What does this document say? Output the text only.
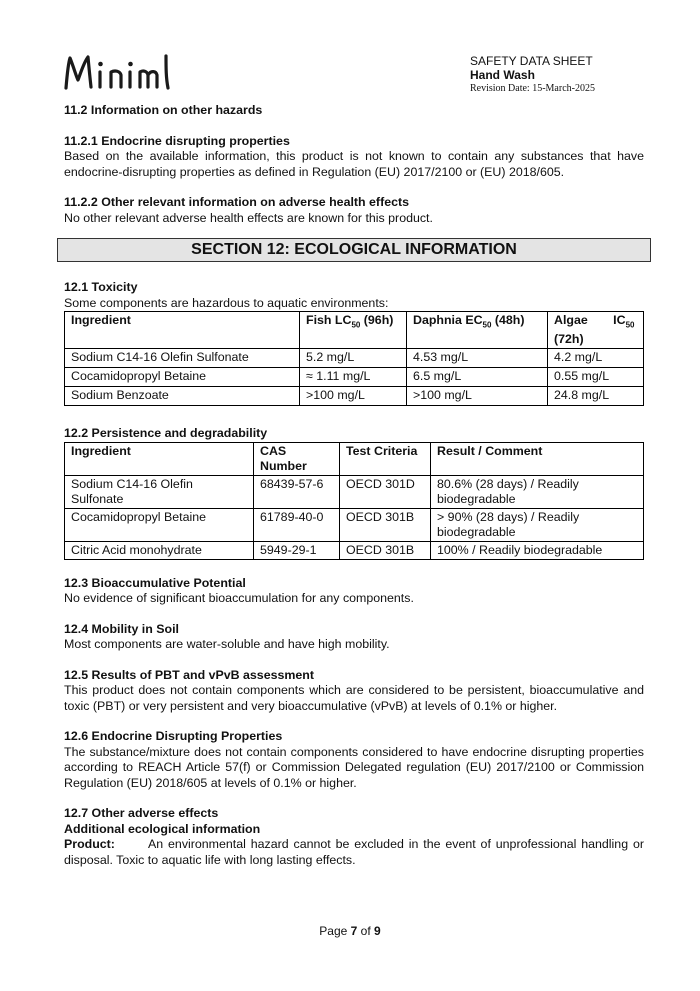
SAFETY DATA SHEET
Hand Wash
Revision Date: 15-March-2025
11.2 Information on other hazards
11.2.1 Endocrine disrupting properties
Based on the available information, this product is not known to contain any substances that have endocrine-disrupting properties as defined in Regulation (EU) 2017/2100 or (EU) 2018/605.
11.2.2 Other relevant information on adverse health effects
No other relevant adverse health effects are known for this product.
SECTION 12: ECOLOGICAL INFORMATION
12.1 Toxicity
Some components are hazardous to aquatic environments:
Ingredient	Fish $LC_{50}$ (96h)	Daphnia $EC_{50}$ (48h)	Algae $IC_{50}$
(72h)
Sodium C14-16 Olefin Sulfonate	5.2 mg/L	4.53 mg/L	4.2 mg/L
Cocamidopropyl Betaine	≈ 1.11 mg/L	6.5 mg/L	0.55 mg/L
Sodium Benzoate	>100 mg/L	>100 mg/L	24.8 mg/L
12.2 Persistence and degradability
Ingredient	CAS Number	Test Criteria	Result / Comment
Sodium C14-16 Olefin Sulfonate	68439-57-6	OECD 301D	80.6% (28 days) / Readily biodegradable
Cocamidopropyl Betaine	61789-40-0	OECD 301B	> 90% (28 days) / Readily biodegradable
Citric Acid monohydrate	5949-29-1	OECD 301B	100% / Readily biodegradable
12.3 Bioaccumulative Potential
No evidence of significant bioaccumulation for any components.
12.4 Mobility in Soil
Most components are water-soluble and have high mobility.
12.5 Results of PBT and vPvB assessment
This product does not contain components which are considered to be persistent, bioaccumulative and toxic (PBT) or very persistent and very bioaccumulative (vPvB) at levels of 0.1% or higher.
12.6 Endocrine Disrupting Properties
The substance/mixture does not contain components considered to have endocrine disrupting properties according to REACH Article 57(f) or Commission Delegated regulation (EU) 2017/2100 or Commission Regulation (EU) 2018/605 at levels of 0.1% or higher.
12.7 Other adverse effects
Additional ecological information
Product:	An environmental hazard cannot be excluded in the event of unprofessional handling or disposal. Toxic to aquatic life with long lasting effects.
Page 7 of 9
